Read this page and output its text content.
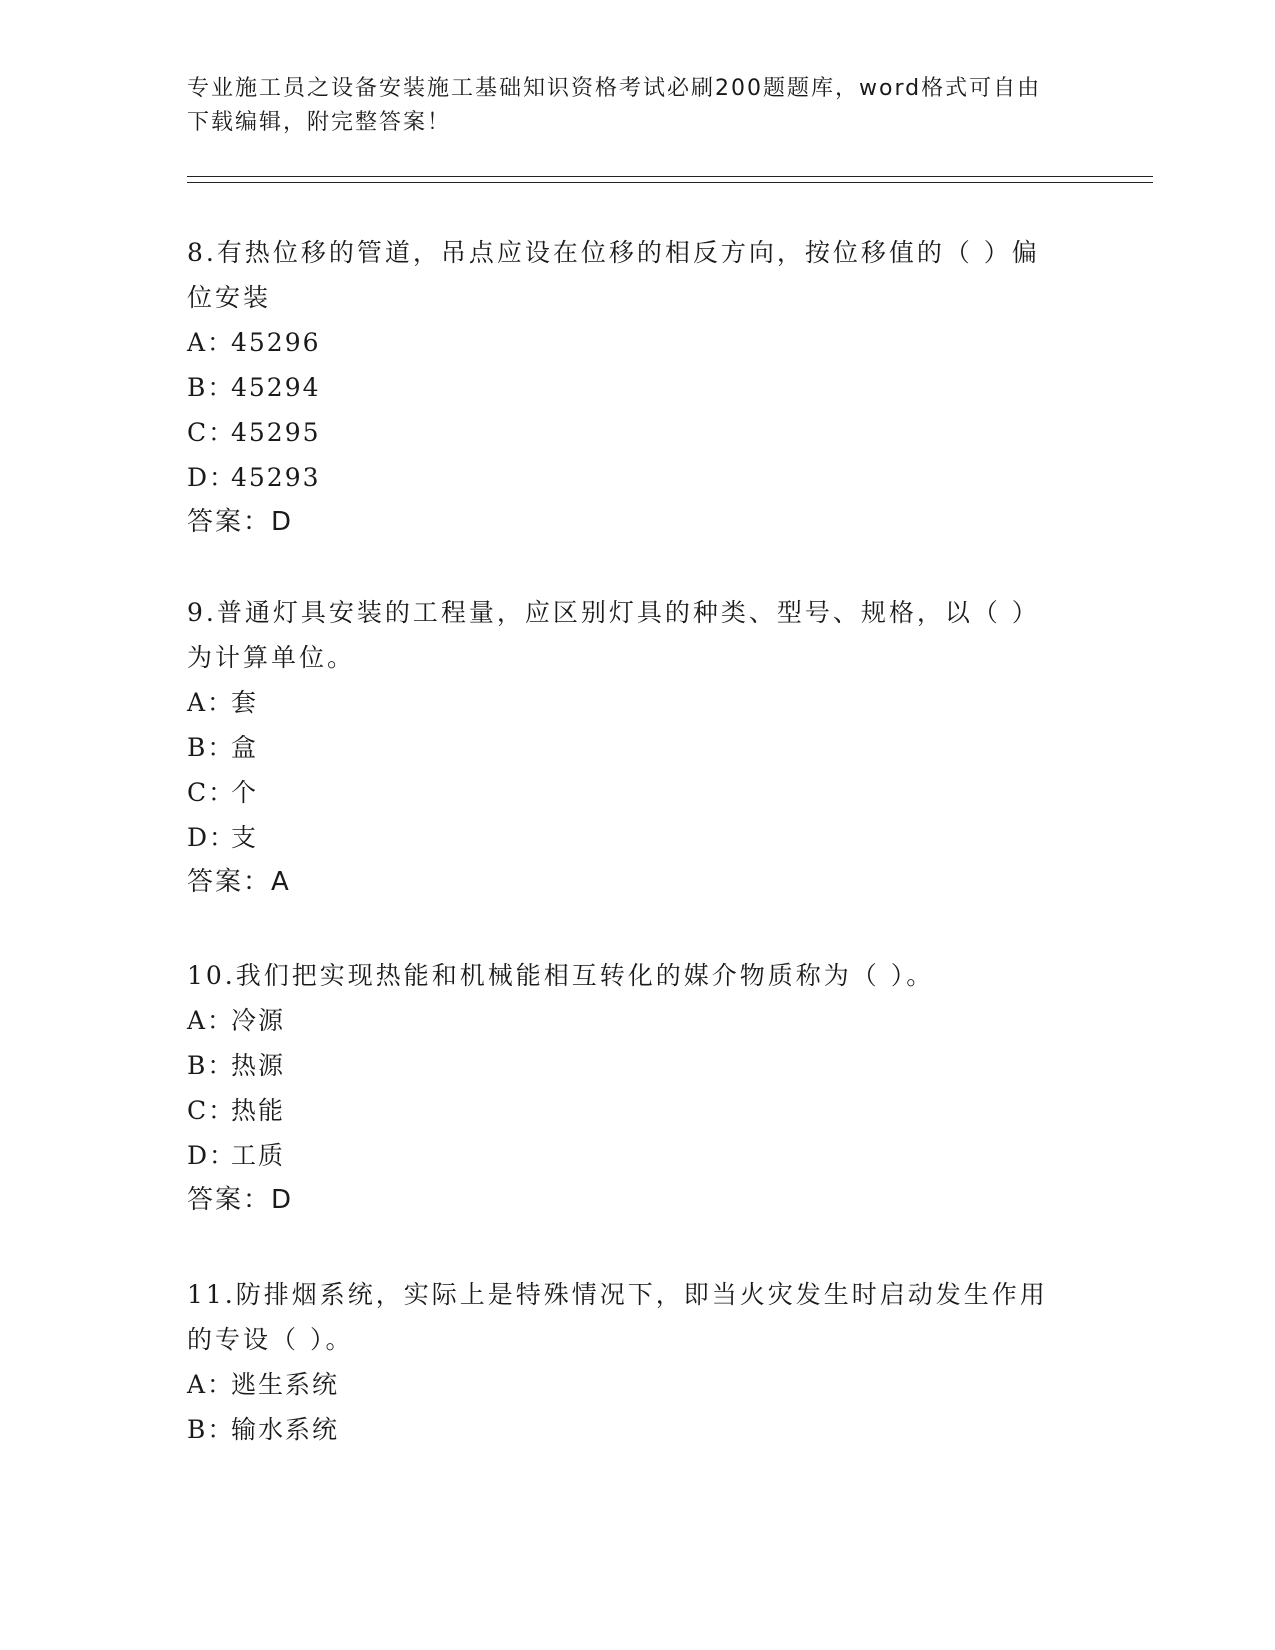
专业施工员之设备安装施工基础知识资格考试必刷200题题库，word格式可自由
下载编辑，附完整答案！
8.有热位移的管道，吊点应设在位移的相反方向，按位移值的（ ）偏
位安装
A：45296
B：45294
C：45295
D：45293
答案：D
9.普通灯具安装的工程量，应区别灯具的种类、型号、规格，以（ ）
为计算单位。
A：套
B：盒
C：个
D：支
答案：A
10.我们把实现热能和机械能相互转化的媒介物质称为（ ）。
A：冷源
B：热源
C：热能
D：工质
答案：D
11.防排烟系统，实际上是特殊情况下，即当火灾发生时启动发生作用
的专设（ ）。
A：逃生系统
B：输水系统
